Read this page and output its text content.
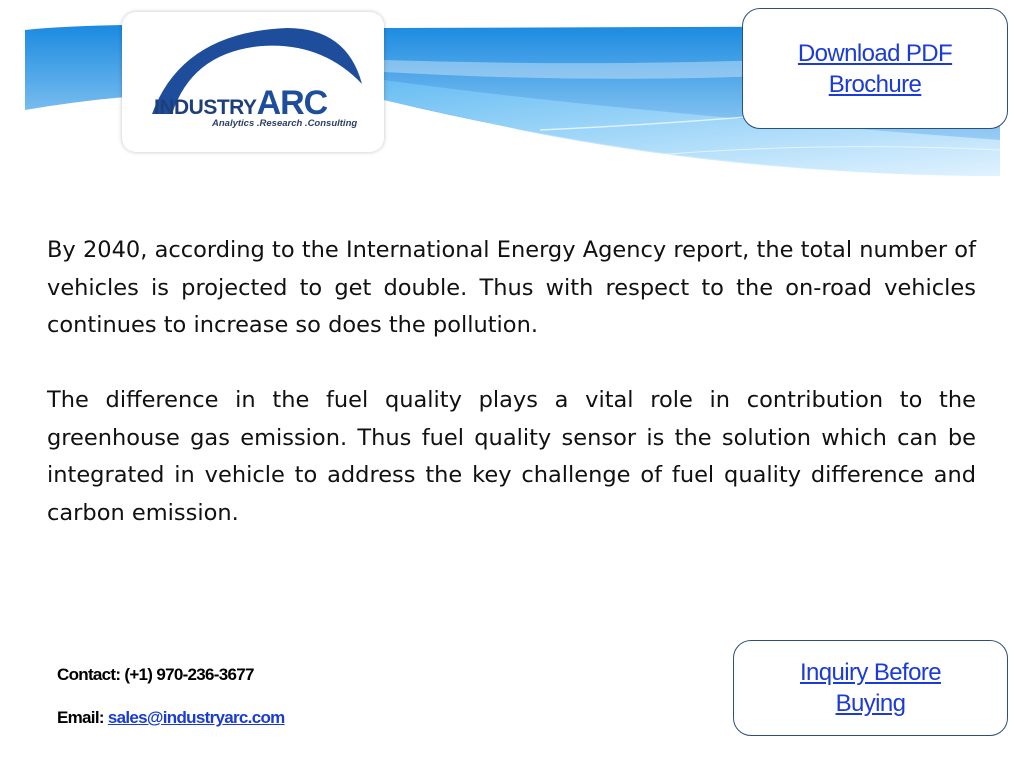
INDUSTRYARC
Analytics .Research .Consulting
Download PDF Brochure

By 2040, according to the International Energy Agency report, the total number of vehicles is projected to get double. Thus with respect to the on-road vehicles continues to increase so does the pollution.

The difference in the fuel quality plays a vital role in contribution to the greenhouse gas emission. Thus fuel quality sensor is the solution which can be integrated in vehicle to address the key challenge of fuel quality difference and carbon emission.

Contact: (+1) 970-236-3677
Email: sales@industryarc.com
Inquiry Before Buying
